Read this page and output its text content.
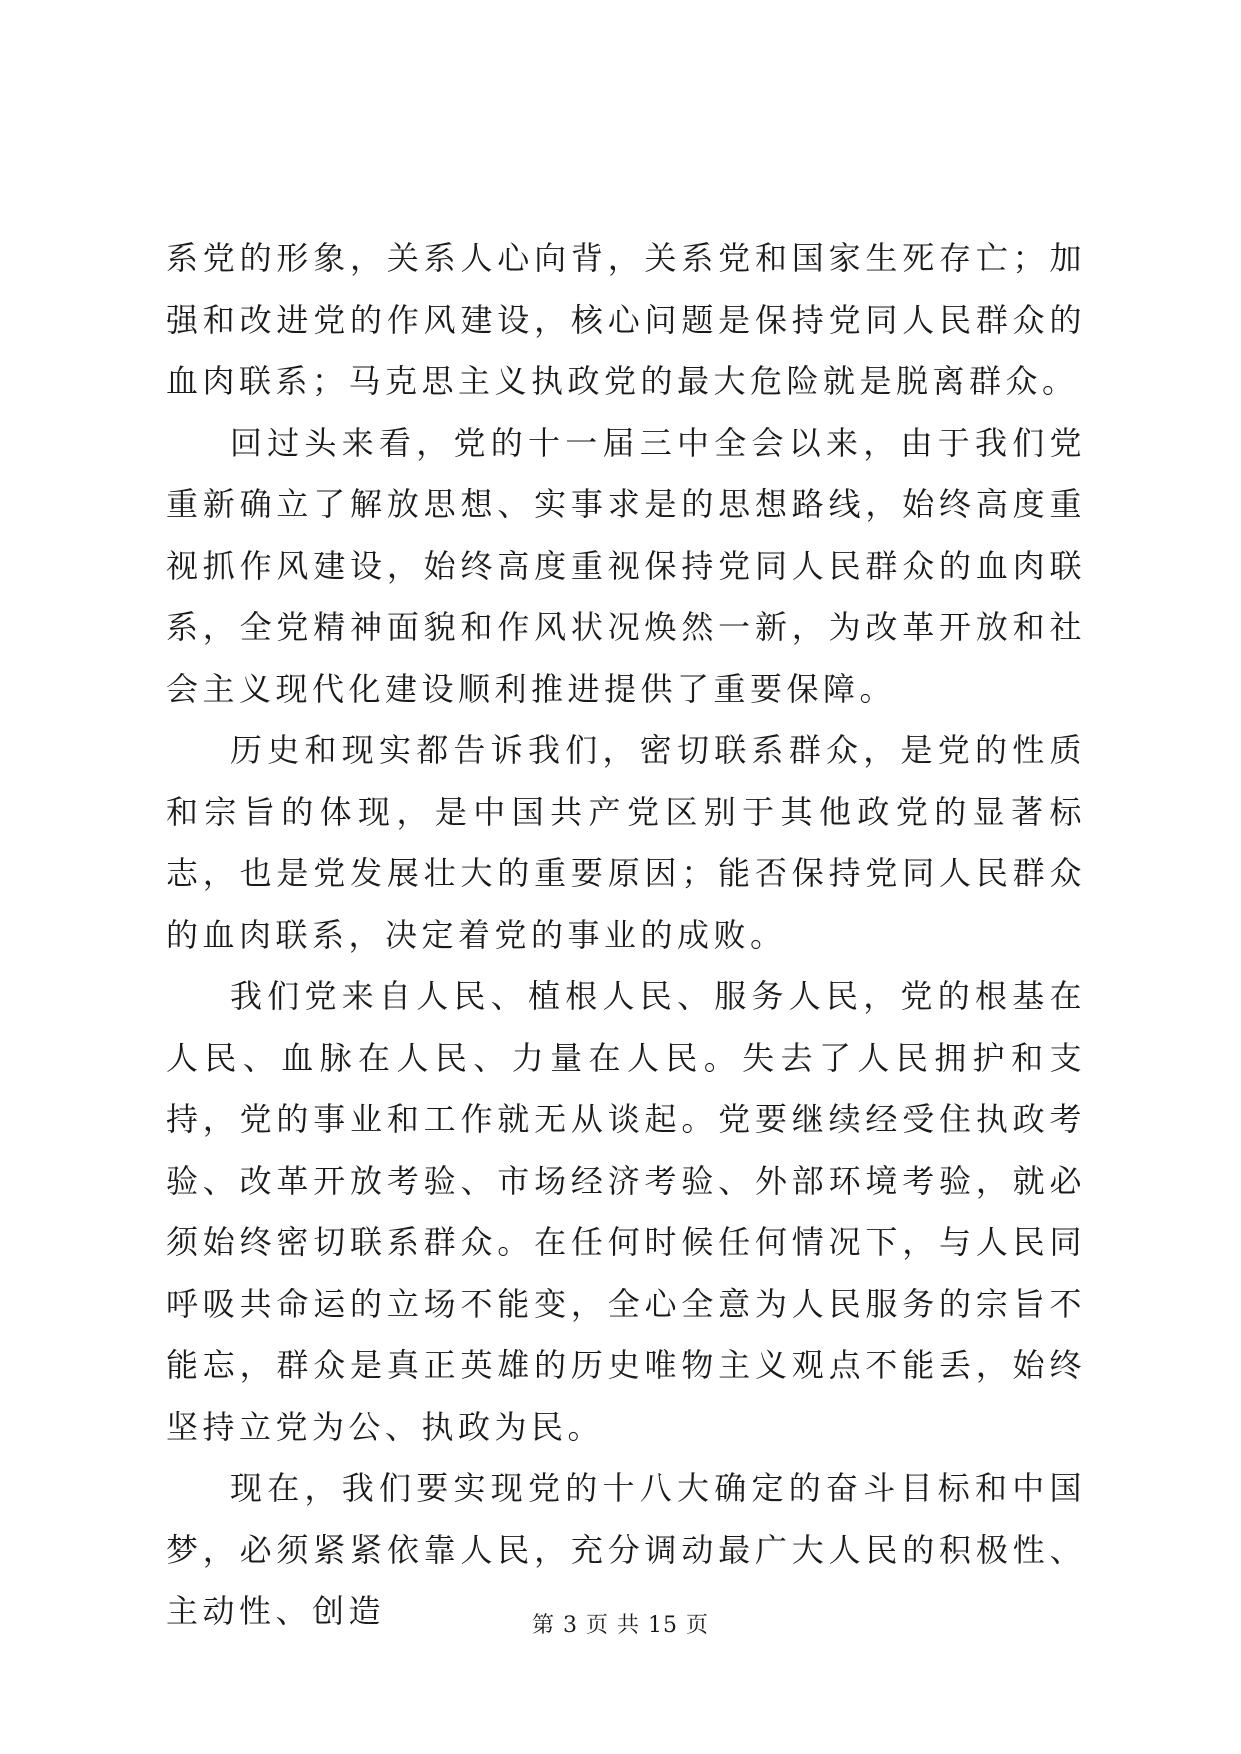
系党的形象，关系人心向背，关系党和国家生死存亡；加强和改进党的作风建设，核心问题是保持党同人民群众的血肉联系；马克思主义执政党的最大危险就是脱离群众。

回过头来看，党的十一届三中全会以来，由于我们党重新确立了解放思想、实事求是的思想路线，始终高度重视抓作风建设，始终高度重视保持党同人民群众的血肉联系，全党精神面貌和作风状况焕然一新，为改革开放和社会主义现代化建设顺利推进提供了重要保障。

历史和现实都告诉我们，密切联系群众，是党的性质和宗旨的体现，是中国共产党区别于其他政党的显著标志，也是党发展壮大的重要原因；能否保持党同人民群众的血肉联系，决定着党的事业的成败。

我们党来自人民、植根人民、服务人民，党的根基在人民、血脉在人民、力量在人民。失去了人民拥护和支持，党的事业和工作就无从谈起。党要继续经受住执政考验、改革开放考验、市场经济考验、外部环境考验，就必须始终密切联系群众。在任何时候任何情况下，与人民同呼吸共命运的立场不能变，全心全意为人民服务的宗旨不能忘，群众是真正英雄的历史唯物主义观点不能丢，始终坚持立党为公、执政为民。

现在，我们要实现党的十八大确定的奋斗目标和中国梦，必须紧紧依靠人民，充分调动最广大人民的积极性、主动性、创造	第 3 页 共 15 页
